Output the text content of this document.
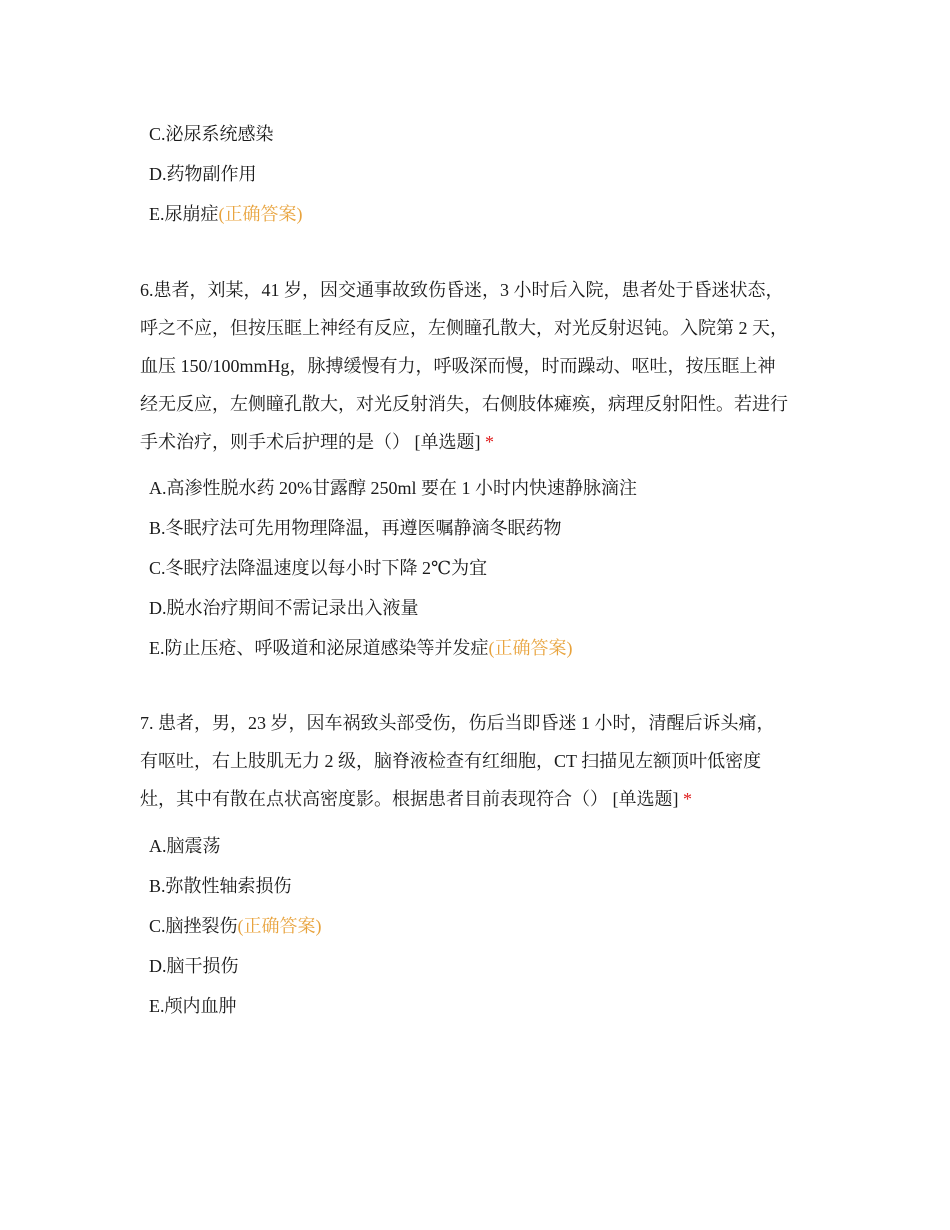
C.泌尿系统感染
D.药物副作用
E.尿崩症(正确答案)
6.患者，刘某，41 岁，因交通事故致伤昏迷，3 小时后入院，患者处于昏迷状态，
呼之不应，但按压眶上神经有反应，左侧瞳孔散大，对光反射迟钝。入院第 2 天，
血压 150/100mmHg，脉搏缓慢有力，呼吸深而慢，时而躁动、呕吐，按压眶上神
经无反应，左侧瞳孔散大，对光反射消失，右侧肢体瘫痪，病理反射阳性。若进行
手术治疗，则手术后护理的是（） [单选题] *
A.高渗性脱水药 20%甘露醇 250ml 要在 1 小时内快速静脉滴注
B.冬眠疗法可先用物理降温，再遵医嘱静滴冬眠药物
C.冬眠疗法降温速度以每小时下降 2℃为宜
D.脱水治疗期间不需记录出入液量
E.防止压疮、呼吸道和泌尿道感染等并发症(正确答案)
7. 患者，男，23 岁，因车祸致头部受伤，伤后当即昏迷 1 小时，清醒后诉头痛，
有呕吐，右上肢肌无力 2 级，脑脊液检查有红细胞，CT 扫描见左额顶叶低密度
灶，其中有散在点状高密度影。根据患者目前表现符合（） [单选题] *
A.脑震荡
B.弥散性轴索损伤
C.脑挫裂伤(正确答案)
D.脑干损伤
E.颅内血肿
